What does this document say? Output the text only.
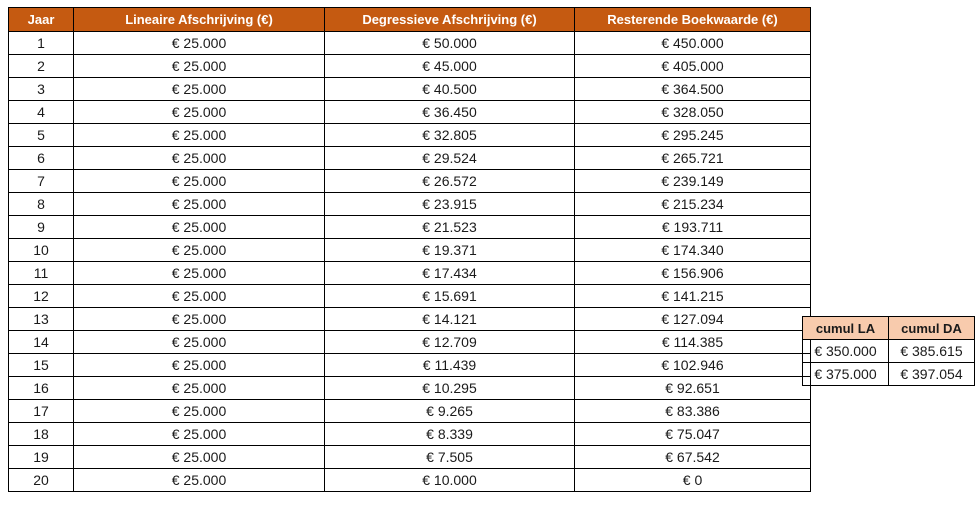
Jaar	Lineaire Afschrijving (€)	Degressieve Afschrijving (€)	Resterende Boekwaarde (€)
1	€ 25.000	€ 50.000	€ 450.000
2	€ 25.000	€ 45.000	€ 405.000
3	€ 25.000	€ 40.500	€ 364.500
4	€ 25.000	€ 36.450	€ 328.050
5	€ 25.000	€ 32.805	€ 295.245
6	€ 25.000	€ 29.524	€ 265.721
7	€ 25.000	€ 26.572	€ 239.149
8	€ 25.000	€ 23.915	€ 215.234
9	€ 25.000	€ 21.523	€ 193.711
10	€ 25.000	€ 19.371	€ 174.340
11	€ 25.000	€ 17.434	€ 156.906
12	€ 25.000	€ 15.691	€ 141.215
13	€ 25.000	€ 14.121	€ 127.094
14	€ 25.000	€ 12.709	€ 114.385
15	€ 25.000	€ 11.439	€ 102.946
16	€ 25.000	€ 10.295	€ 92.651
17	€ 25.000	€ 9.265	€ 83.386
18	€ 25.000	€ 8.339	€ 75.047
19	€ 25.000	€ 7.505	€ 67.542
20	€ 25.000	€ 10.000	€ 0
cumul LA	cumul DA
€ 350.000	€ 385.615
€ 375.000	€ 397.054
